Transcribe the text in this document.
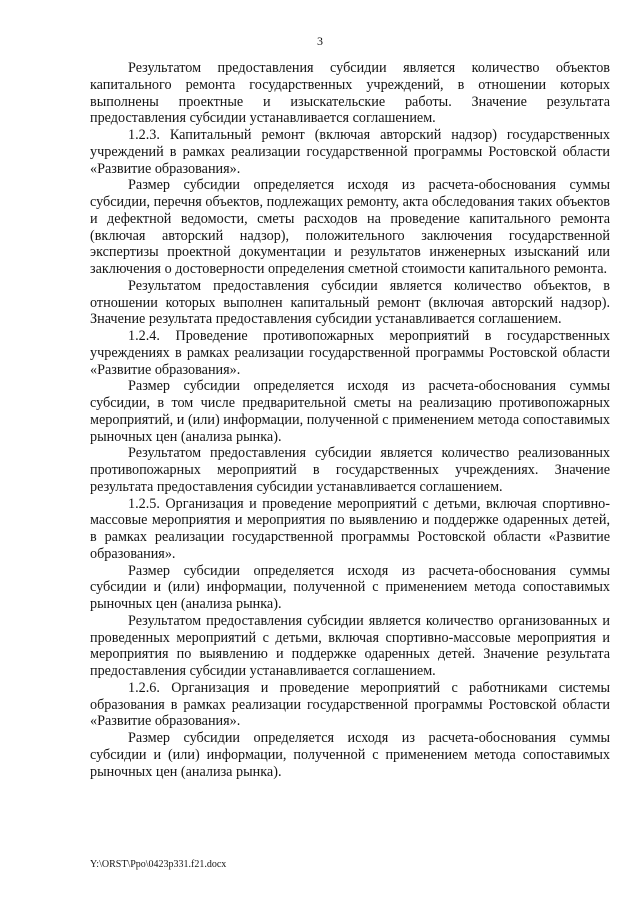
3

Результатом предоставления субсидии является количество объектов капитального ремонта государственных учреждений, в отношении которых выполнены проектные и изыскательские работы. Значение результата предоставления субсидии устанавливается соглашением.

1.2.3. Капитальный ремонт (включая авторский надзор) государственных учреждений в рамках реализации государственной программы Ростовской области «Развитие образования».

Размер субсидии определяется исходя из расчета-обоснования суммы субсидии, перечня объектов, подлежащих ремонту, акта обследования таких объектов и дефектной ведомости, сметы расходов на проведение капитального ремонта (включая авторский надзор), положительного заключения государственной экспертизы проектной документации и результатов инженерных изысканий или заключения о достоверности определения сметной стоимости капитального ремонта.

Результатом предоставления субсидии является количество объектов, в отношении которых выполнен капитальный ремонт (включая авторский надзор). Значение результата предоставления субсидии устанавливается соглашением.

1.2.4. Проведение противопожарных мероприятий в государственных учреждениях в рамках реализации государственной программы Ростовской области «Развитие образования».

Размер субсидии определяется исходя из расчета-обоснования суммы субсидии, в том числе предварительной сметы на реализацию противопожарных мероприятий, и (или) информации, полученной с применением метода сопоставимых рыночных цен (анализа рынка).

Результатом предоставления субсидии является количество реализованных противопожарных мероприятий в государственных учреждениях. Значение результата предоставления субсидии устанавливается соглашением.

1.2.5. Организация и проведение мероприятий с детьми, включая спортивно-массовые мероприятия и мероприятия по выявлению и поддержке одаренных детей, в рамках реализации государственной программы Ростовской области «Развитие образования».

Размер субсидии определяется исходя из расчета-обоснования суммы субсидии и (или) информации, полученной с применением метода сопоставимых рыночных цен (анализа рынка).

Результатом предоставления субсидии является количество организованных и проведенных мероприятий с детьми, включая спортивно-массовые мероприятия и мероприятия по выявлению и поддержке одаренных детей. Значение результата предоставления субсидии устанавливается соглашением.

1.2.6. Организация и проведение мероприятий с работниками системы образования в рамках реализации государственной программы Ростовской области «Развитие образования».

Размер субсидии определяется исходя из расчета-обоснования суммы субсидии и (или) информации, полученной с применением метода сопоставимых рыночных цен (анализа рынка).

Y:\ORST\Ppo\0423p331.f21.docx
